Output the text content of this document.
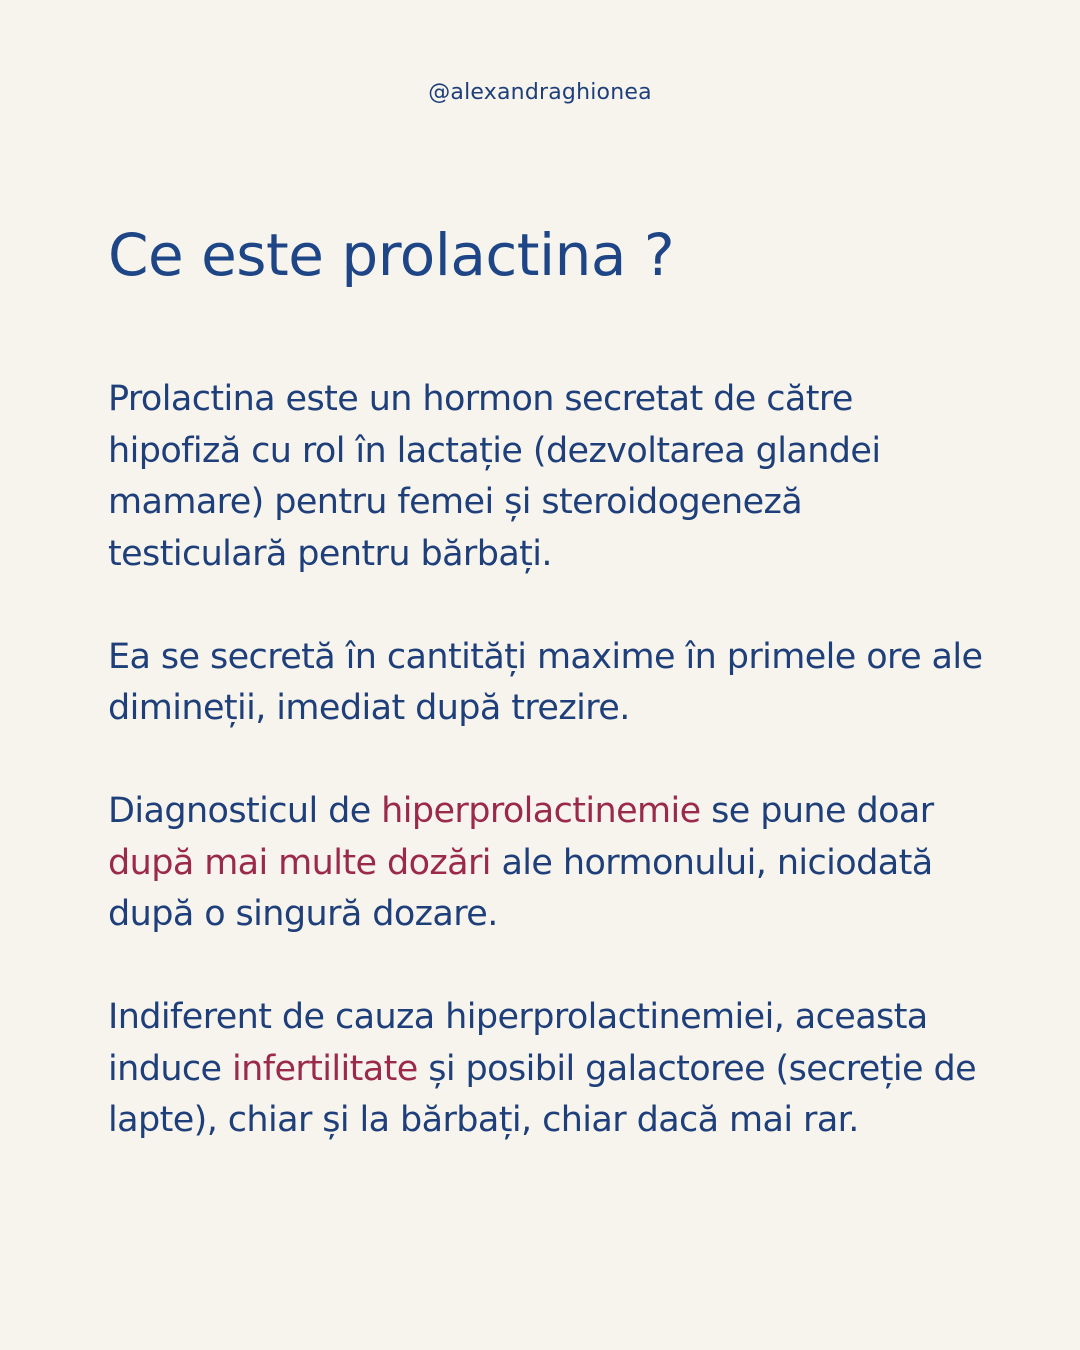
@alexandraghionea
Ce este prolactina ?

Prolactina este un hormon secretat de către hipofiză cu rol în lactație (dezvoltarea glandei mamare) pentru femei și steroidogeneză testiculară pentru bărbați.

Ea se secretă în cantități maxime în primele ore ale dimineții, imediat după trezire.

Diagnosticul de hiperprolactinemie se pune doar după mai multe dozări ale hormonului, niciodată după o singură dozare.

Indiferent de cauza hiperprolactinemiei, aceasta induce infertilitate și posibil galactoree (secreție de lapte), chiar și la bărbați, chiar dacă mai rar.
